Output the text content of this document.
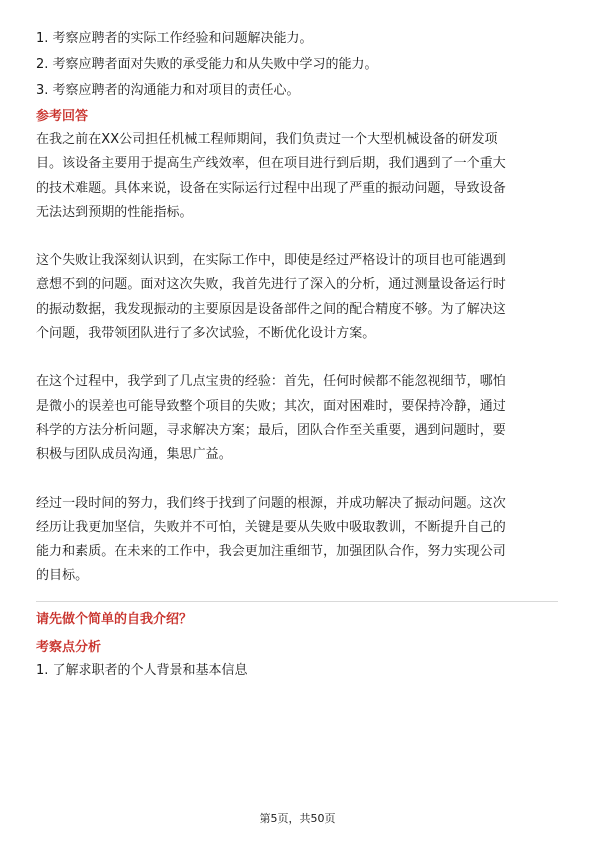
1. 考察应聘者的实际工作经验和问题解决能力。

2. 考察应聘者面对失败的承受能力和从失败中学习的能力。

3. 考察应聘者的沟通能力和对项目的责任心。

参考回答

在我之前在XX公司担任机械工程师期间，我们负责过一个大型机械设备的研发项
目。该设备主要用于提高生产线效率，但在项目进行到后期，我们遇到了一个重大
的技术难题。具体来说，设备在实际运行过程中出现了严重的振动问题，导致设备
无法达到预期的性能指标。
这个失败让我深刻认识到，在实际工作中，即使是经过严格设计的项目也可能遇到
意想不到的问题。面对这次失败，我首先进行了深入的分析，通过测量设备运行时
的振动数据，我发现振动的主要原因是设备部件之间的配合精度不够。为了解决这
个问题，我带领团队进行了多次试验，不断优化设计方案。
在这个过程中，我学到了几点宝贵的经验：首先，任何时候都不能忽视细节，哪怕
是微小的误差也可能导致整个项目的失败；其次，面对困难时，要保持冷静，通过
科学的方法分析问题，寻求解决方案；最后，团队合作至关重要，遇到问题时，要
积极与团队成员沟通，集思广益。
经过一段时间的努力，我们终于找到了问题的根源，并成功解决了振动问题。这次
经历让我更加坚信，失败并不可怕，关键是要从失败中吸取教训，不断提升自己的
能力和素质。在未来的工作中，我会更加注重细节，加强团队合作，努力实现公司
的目标。

请先做个简单的自我介绍？

考察点分析

1. 了解求职者的个人背景和基本信息

第5页，共50页
